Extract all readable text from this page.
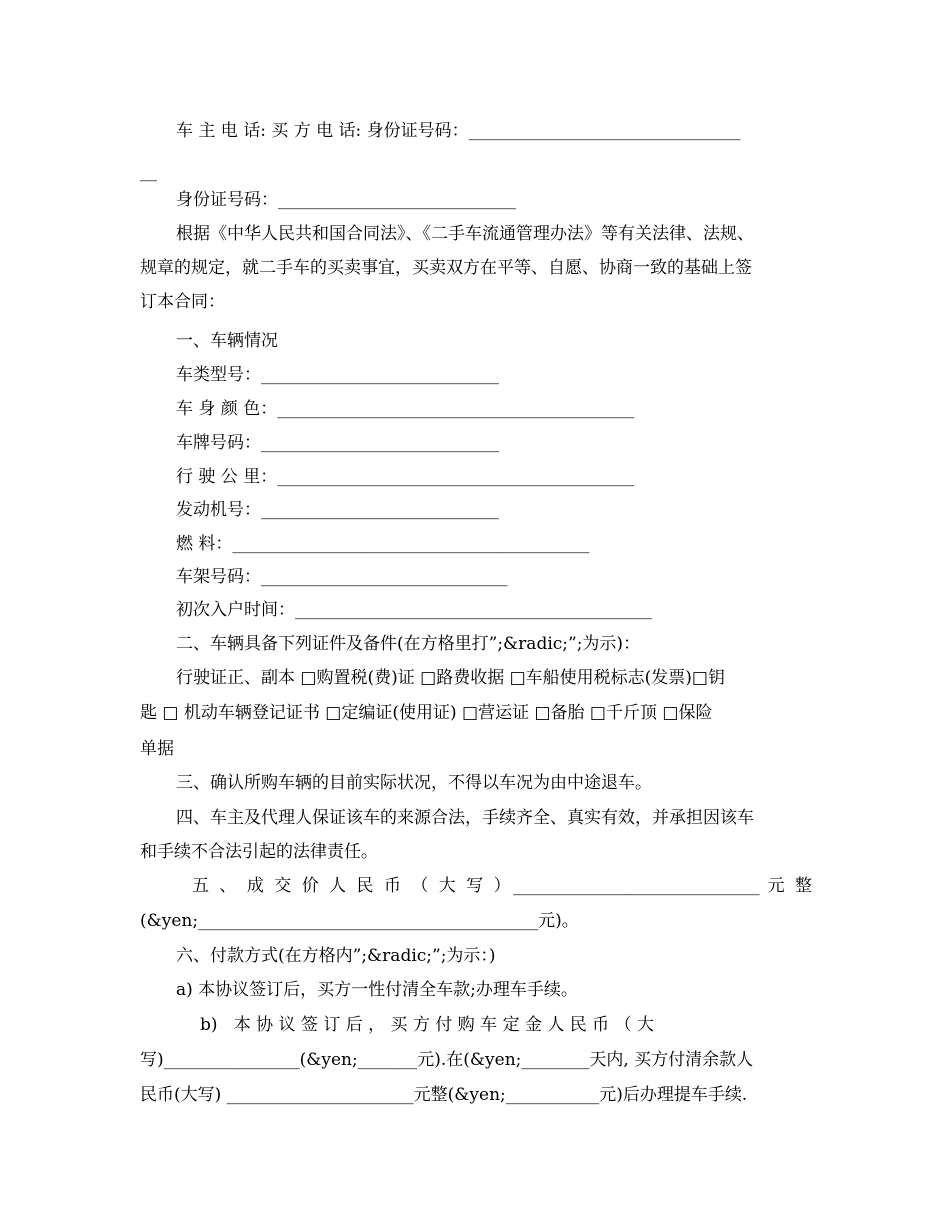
车 主 电 话: 买 方 电 话: 身份证号码：________________________________
__
身份证号码：____________________________
根据《中华人民共和国合同法》、《二手车流通管理办法》等有关法律、法规、
规章的规定，就二手车的买卖事宜，买卖双方在平等、自愿、协商一致的基础上签
订本合同：
一、车辆情况
车类型号：____________________________
车 身 颜 色：__________________________________________
车牌号码：____________________________
行 驶 公 里：__________________________________________
发动机号：____________________________
燃 料：__________________________________________
车架号码：_____________________________
初次入户时间：__________________________________________
二、车辆具备下列证件及备件(在方格里打”;&radic;”;为示)：
行驶证正、副本 □购置税(费)证 □路费收据 □车船使用税标志(发票)□钥
匙 □ 机动车辆登记证书 □定编证(使用证) □营运证 □备胎 □千斤顶 □保险
单据
三、确认所购车辆的目前实际状况，不得以车况为由中途退车。
四、车主及代理人保证该车的来源合法，手续齐全、真实有效，并承担因该车
和手续不合法引起的法律责任。
五 、 成 交 价 人 民 币 （ 大 写 ）_____________________________ 元 整
(&yen;________________________________________元)。
六、付款方式(在方格内”;&radic;”;为示：)
a) 本协议签订后，买方一性付清全车款;办理车手续。
b)   本 协 议 签 订 后 ， 买 方 付 购 车 定 金 人 民 币 （ 大
写)________________(&yen;_______元).在(&yen;________天内, 买方付清余款人
民币(大写) ______________________元整(&yen;___________元)后办理提车手续.
